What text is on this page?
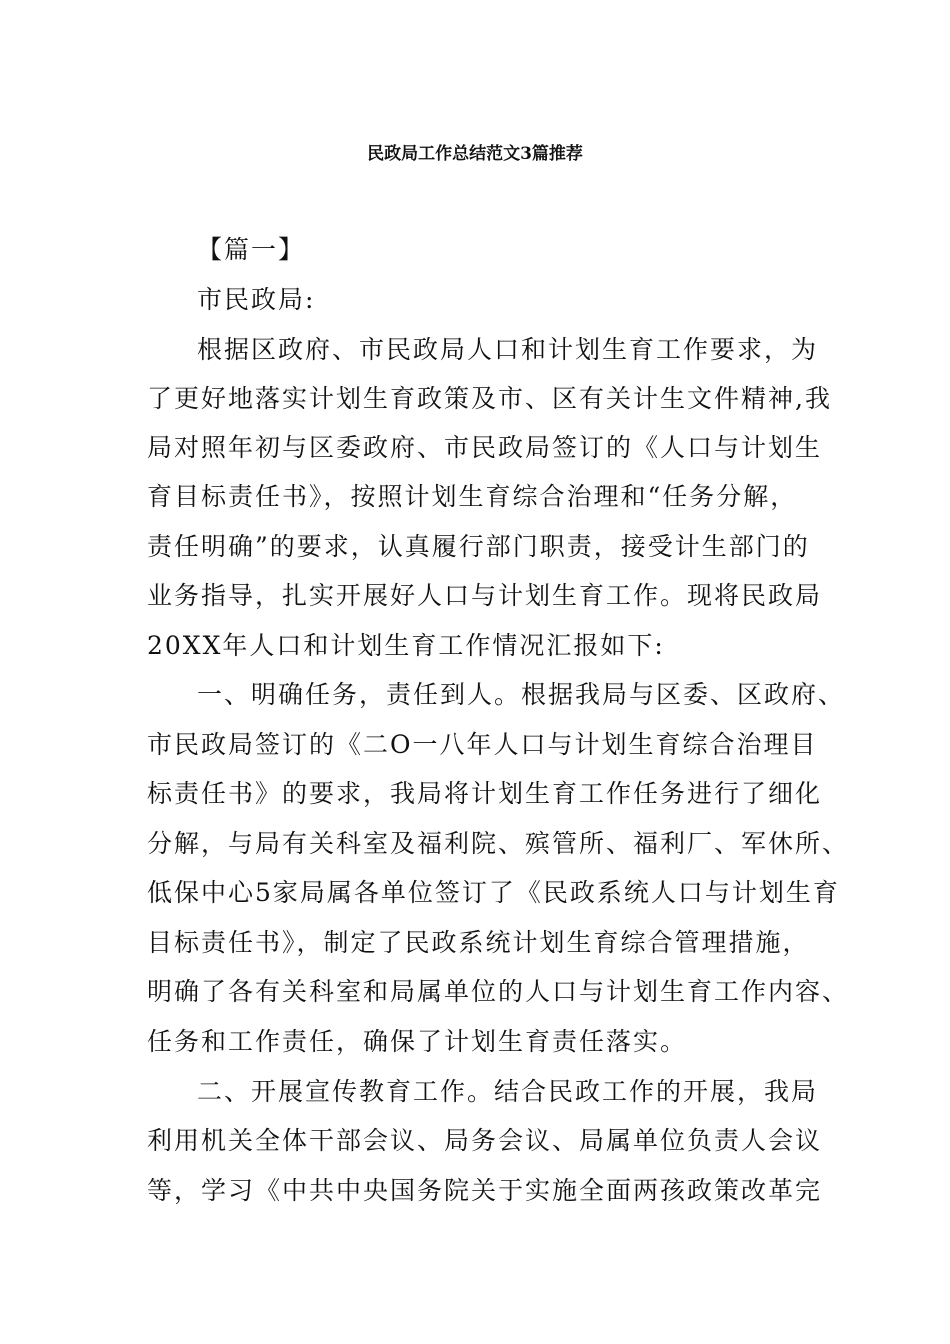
民政局工作总结范文3篇推荐

【篇一】

市民政局:

根据区政府、市民政局人口和计划生育工作要求，为

了更好地落实计划生育政策及市、区有关计生文件精神,我

局对照年初与区委政府、市民政局签订的《人口与计划生

育目标责任书》，按照计划生育综合治理和“任务分解，

责任明确”的要求，认真履行部门职责，接受计生部门的

业务指导，扎实开展好人口与计划生育工作。现将民政局

20XX年人口和计划生育工作情况汇报如下:

一、明确任务，责任到人。根据我局与区委、区政府、

市民政局签订的《二O一八年人口与计划生育综合治理目

标责任书》的要求，我局将计划生育工作任务进行了细化

分解，与局有关科室及福利院、殡管所、福利厂、军休所、

低保中心5家局属各单位签订了《民政系统人口与计划生育

目标责任书》，制定了民政系统计划生育综合管理措施，

明确了各有关科室和局属单位的人口与计划生育工作内容、

任务和工作责任，确保了计划生育责任落实。

二、开展宣传教育工作。结合民政工作的开展，我局

利用机关全体干部会议、局务会议、局属单位负责人会议

等，学习《中共中央国务院关于实施全面两孩政策改革完
